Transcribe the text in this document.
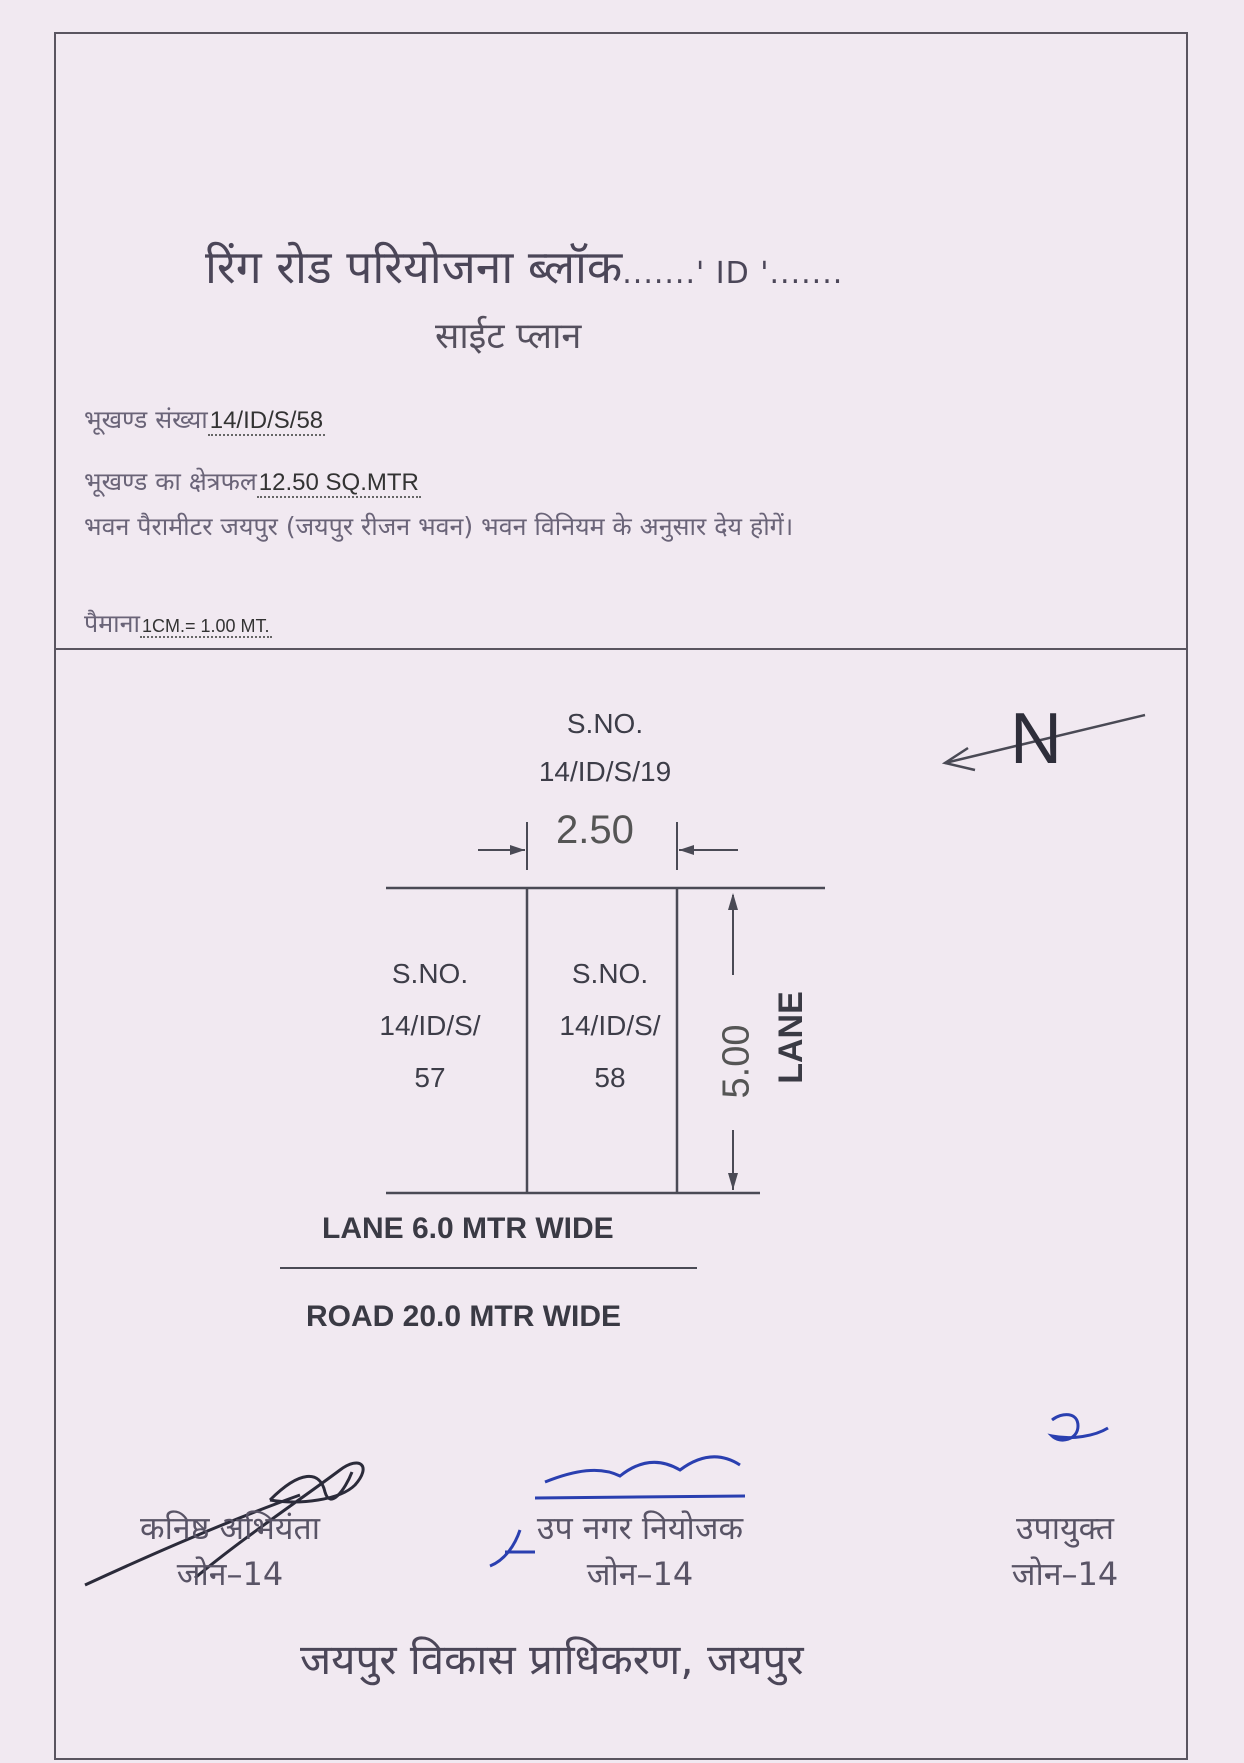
रिंग रोड परियोजना ब्लॉक.......' ID '.......
साईट प्लान
भूखण्ड संख्या14/ID/S/58
भूखण्ड का क्षेत्रफल12.50 SQ.MTR
भवन पैरामीटर जयपुर (जयपुर रीजन भवन) भवन विनियम के अनुसार देय होगें।
पैमाना 1CM.= 1.00 MT.
S.NO.
14/ID/S/19
2.50
N
S.NO.
14/ID/S/
57
S.NO.
14/ID/S/
58	5.00 LANE
LANE 6.0 MTR WIDE
ROAD 20.0 MTR WIDE
कनिष्ठ अभियंता
जोन–14
उप नगर नियोजक
जोन–14
उपायुक्त
जोन–14
जयपुर विकास प्राधिकरण, जयपुर
